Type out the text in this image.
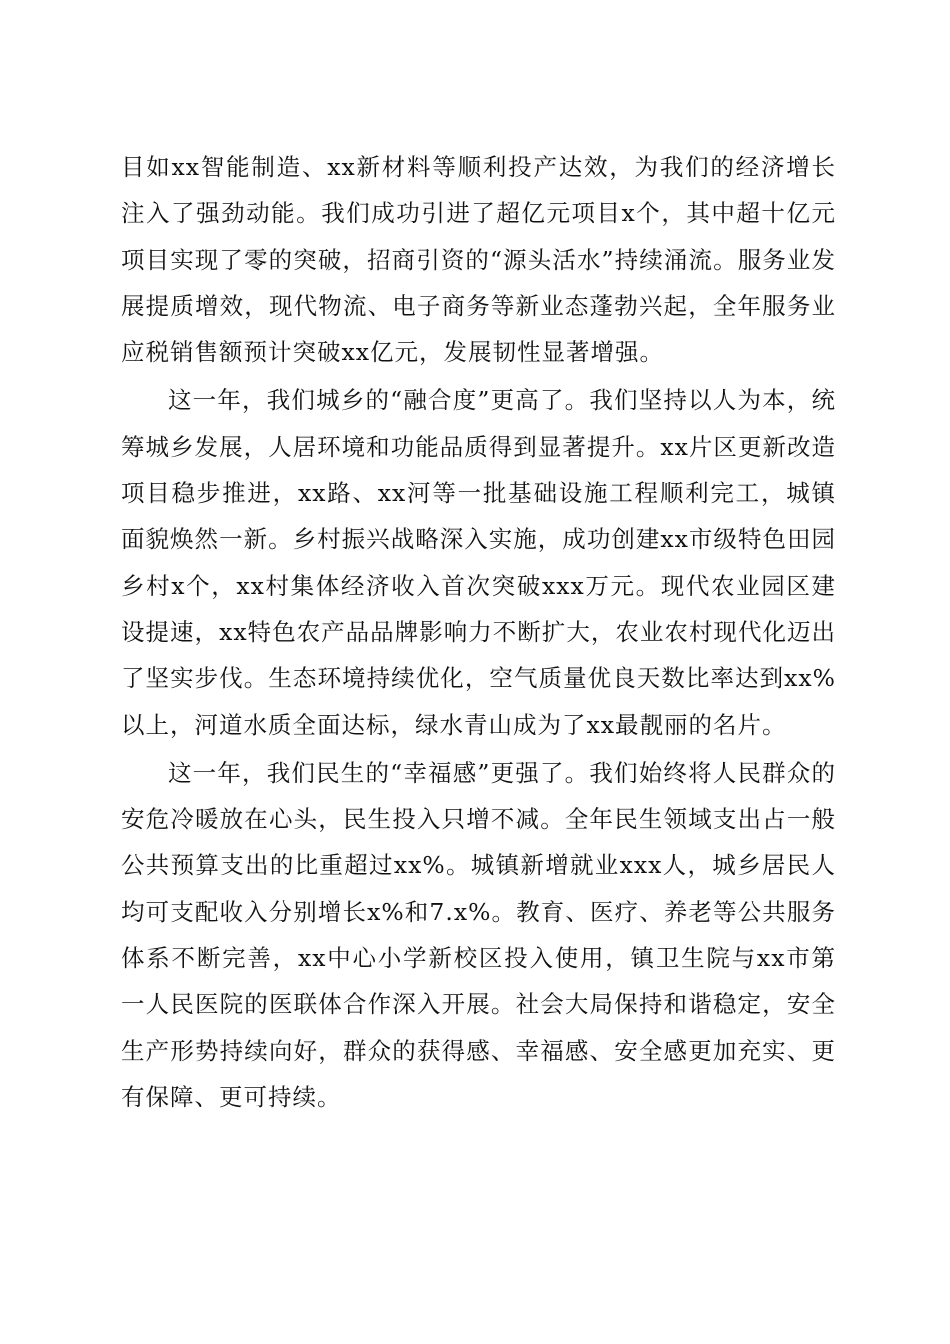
目如xx智能制造、xx新材料等顺利投产达效，为我们的经济增长注入了强劲动能。我们成功引进了超亿元项目x个，其中超十亿元项目实现了零的突破，招商引资的“源头活水”持续涌流。服务业发展提质增效，现代物流、电子商务等新业态蓬勃兴起，全年服务业应税销售额预计突破xx亿元，发展韧性显著增强。

这一年，我们城乡的“融合度”更高了。我们坚持以人为本，统筹城乡发展，人居环境和功能品质得到显著提升。xx片区更新改造项目稳步推进，xx路、xx河等一批基础设施工程顺利完工，城镇面貌焕然一新。乡村振兴战略深入实施，成功创建xx市级特色田园乡村x个，xx村集体经济收入首次突破xxx万元。现代农业园区建设提速，xx特色农产品品牌影响力不断扩大，农业农村现代化迈出了坚实步伐。生态环境持续优化，空气质量优良天数比率达到xx%以上，河道水质全面达标，绿水青山成为了xx最靓丽的名片。

这一年，我们民生的“幸福感”更强了。我们始终将人民群众的安危冷暖放在心头，民生投入只增不减。全年民生领域支出占一般公共预算支出的比重超过xx%。城镇新增就业xxx人，城乡居民人均可支配收入分别增长x%和7.x%。教育、医疗、养老等公共服务体系不断完善，xx中心小学新校区投入使用，镇卫生院与xx市第一人民医院的医联体合作深入开展。社会大局保持和谐稳定，安全生产形势持续向好，群众的获得感、幸福感、安全感更加充实、更有保障、更可持续。
